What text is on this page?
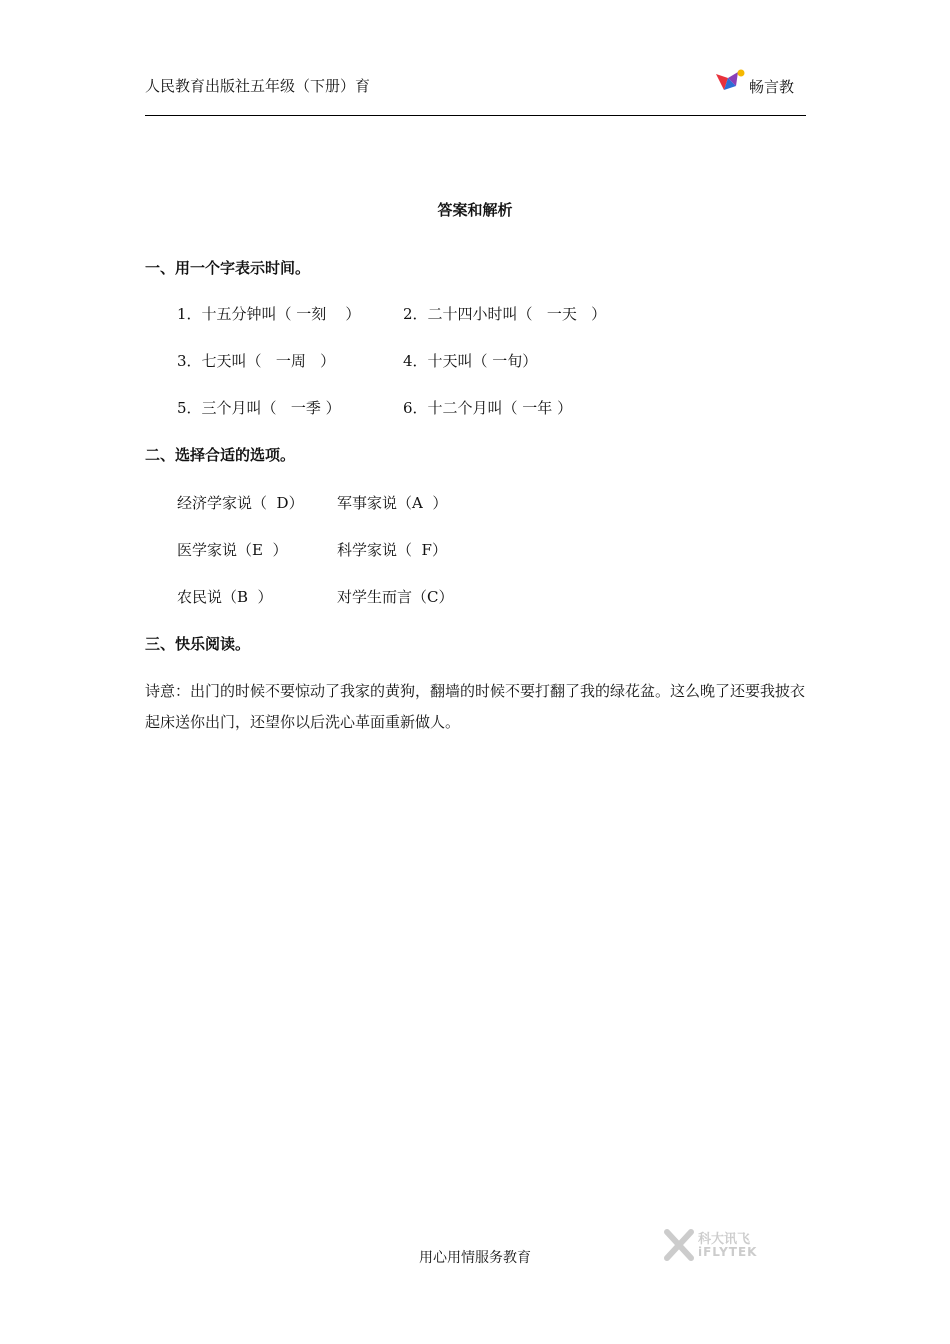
人民教育出版社五年级（下册）育	畅言教
答案和解析
一、用一个字表示时间。
1．十五分钟叫（ 一刻    ）	2．二十四小时叫（   一天   ）
3．七天叫（   一周   ）	4．十天叫（ 一旬）
5．三个月叫（   一季 ）	6．十二个月叫（ 一年 ）
二、选择合适的选项。
经济学家说（  D） 军事家说（A  ）
医学家说（E  ）	科学家说（  F）
农民说（B  ）	对学生而言（C）
三、快乐阅读。
诗意：出门的时候不要惊动了我家的黄狗，翻墙的时候不要打翻了我的绿花盆。这么晚了还要我披衣起床送你出门，还望你以后洗心革面重新做人。
用心用情服务教育
科大讯飞
iFLYTEK
